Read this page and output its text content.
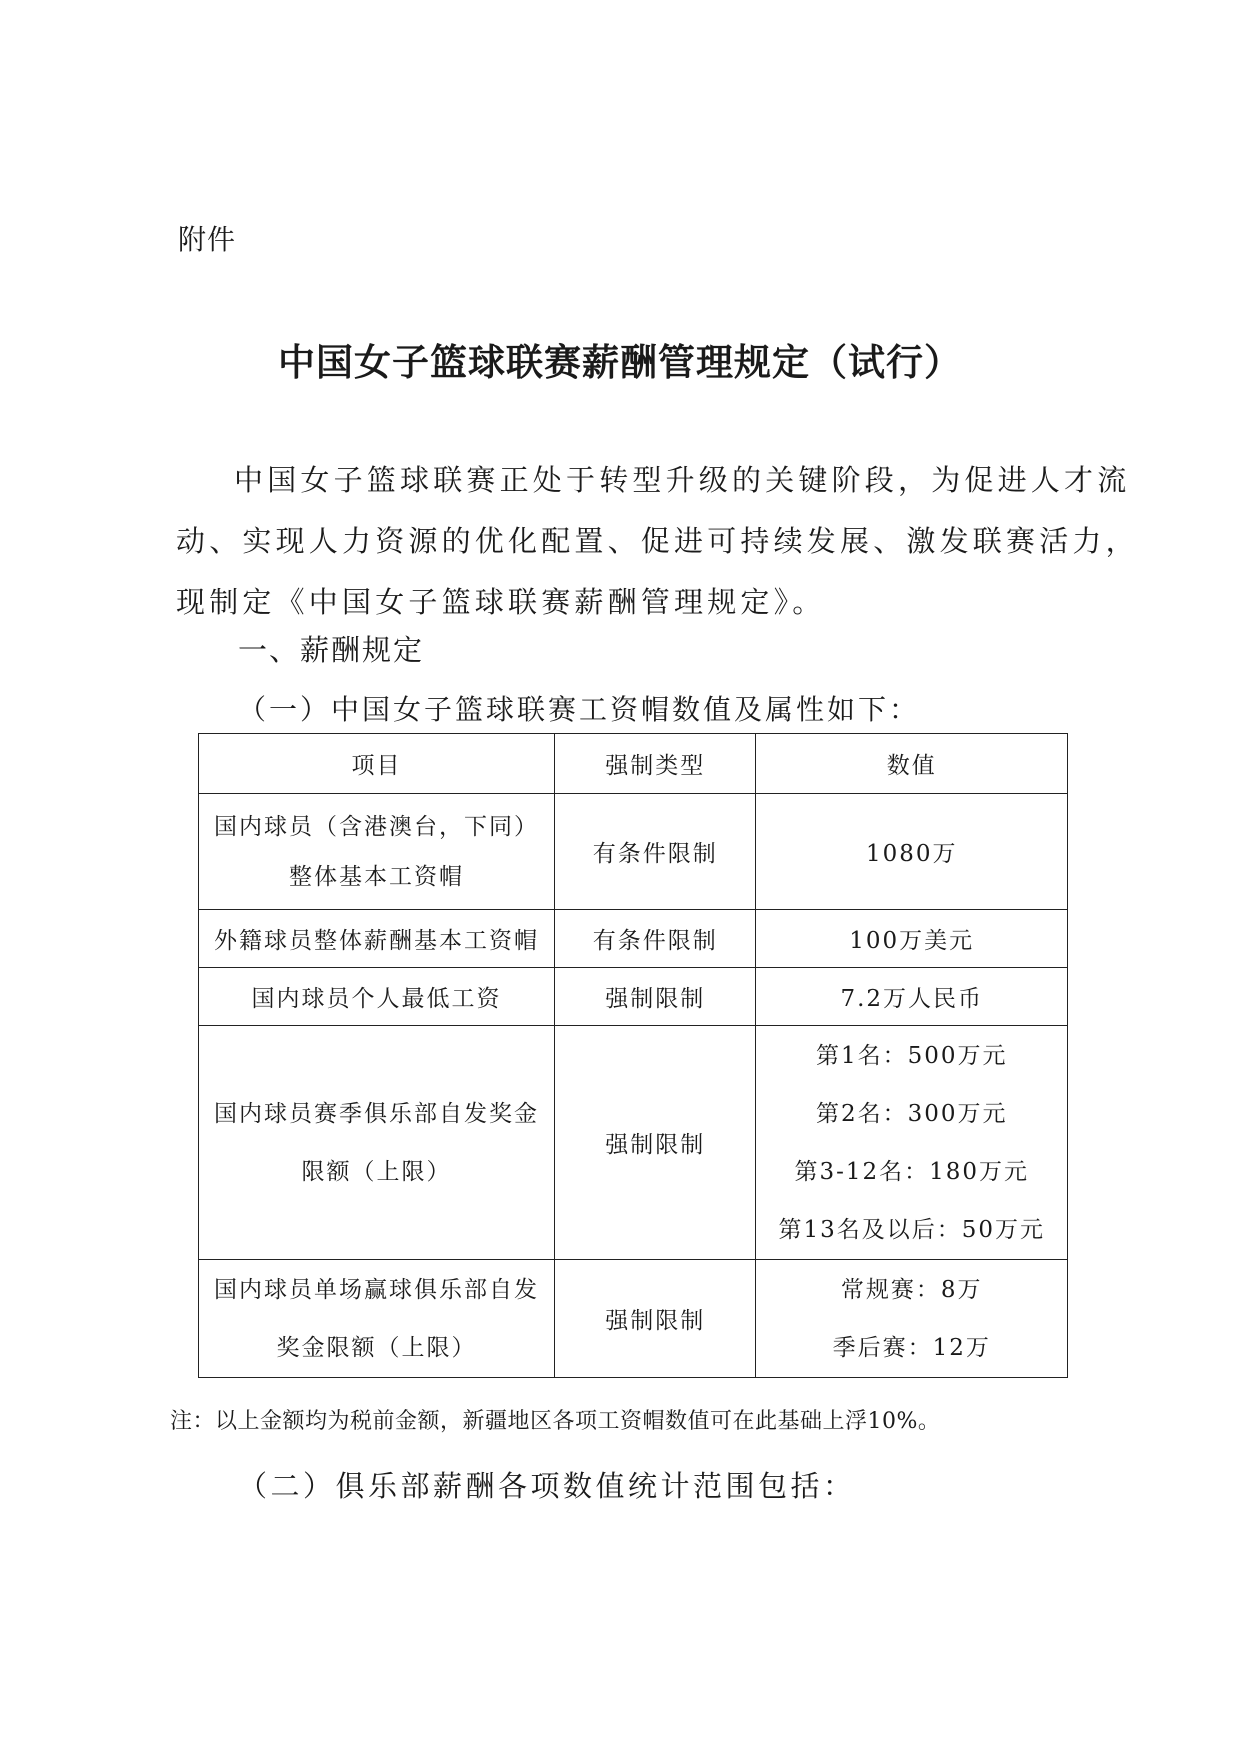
附件
中国女子篮球联赛薪酬管理规定（试行）
中国女子篮球联赛正处于转型升级的关键阶段，为促进人才流
动、实现人力资源的优化配置、促进可持续发展、激发联赛活力，
现制定《中国女子篮球联赛薪酬管理规定》。
一、薪酬规定
（一）中国女子篮球联赛工资帽数值及属性如下：
项目	强制类型	数值

国内球员（含港澳台，下同）
整体基本工资帽	有条件限制	1080万
外籍球员整体薪酬基本工资帽	有条件限制	100万美元
国内球员个人最低工资	强制限制	7.2万人民币

国内球员赛季俱乐部自发奖金
限额（上限）	强制限制	第1名：500万元
第2名：300万元
第3-12名：180万元
第13名及以后：50万元

国内球员单场赢球俱乐部自发
奖金限额（上限）	强制限制	常规赛：8万
季后赛：12万
注：以上金额均为税前金额，新疆地区各项工资帽数值可在此基础上浮10%。
（二）俱乐部薪酬各项数值统计范围包括：
